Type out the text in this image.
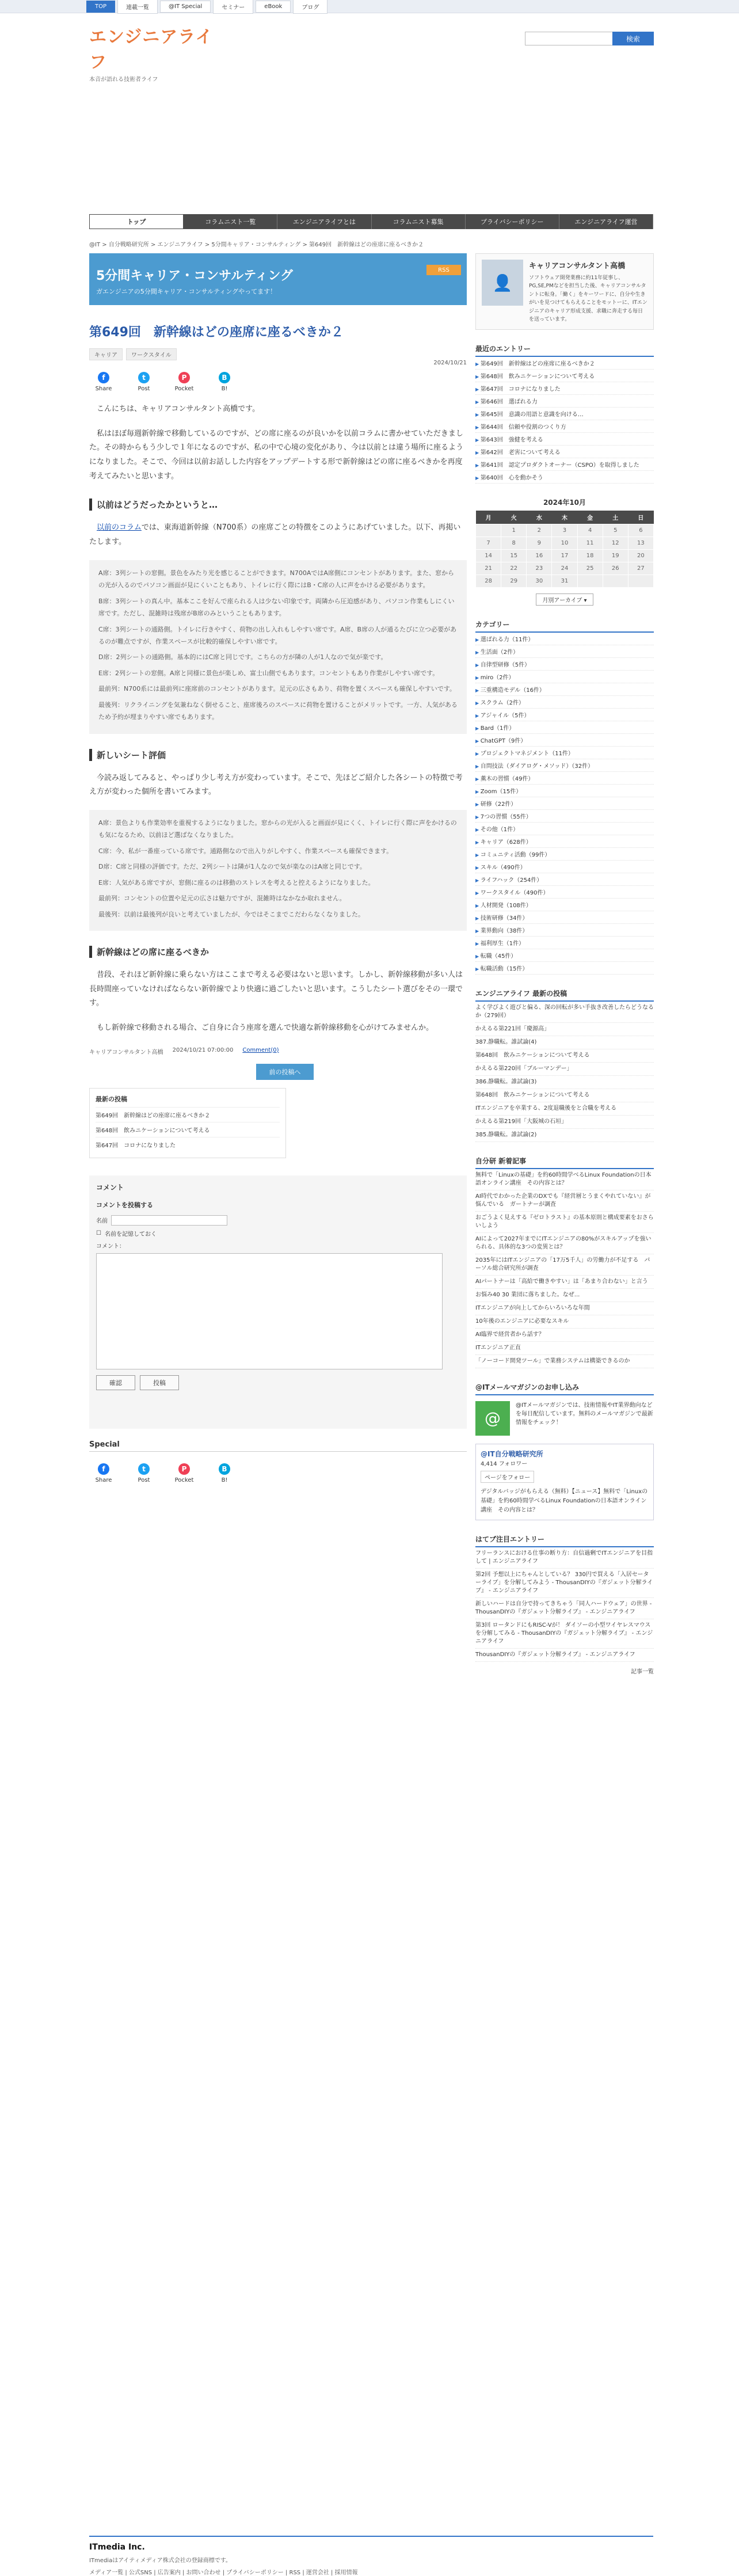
TOP	連載一覧	@IT Special	セミナー	eBook	ブログ
エンジニアライフ
本音が語れる技術者ライフ
検索
トップ	コラムニスト一覧	エンジニアライフとは	コラムニスト募集	プライバシーポリシー	エンジニアライフ運営
@IT > 自分戦略研究所 > エンジニアライフ > 5分間キャリア・コンサルティング > 第649回　新幹線はどの座席に座るべきか２
5分間キャリア・コンサルティング
ガエンジニアの5分間キャリア・コンサルティングやってます！
RSS
第649回　新幹線はどの座席に座るべきか２
キャリア	ワークスタイル
f
Share
t
Post
P
Pocket
B
B!
2024/10/21

こんにちは、キャリアコンサルタント高橋です。

私はほぼ毎週新幹線で移動しているのですが、どの席に座るのが良いかを以前コラムに書かせていただきました。その時からもう少しで１年になるのですが、私の中で心境の変化があり、今は以前とは違う場所に座るようになりました。そこで、今回は以前お話しした内容をアップデートする形で新幹線はどの席に座るべきかを再度考えてみたいと思います。

以前はどうだったかというと…

以前のコラムでは、東海道新幹線（N700系）の座席ごとの特徴をこのようにあげていました。以下、再掲いたします。

A席：3列シートの窓側。景色をみたり光を感じることができます。N700AではA席側にコンセントがあります。また、窓からの光が入るのでパソコン画面が見にくいこともあり、トイレに行く際にはB・C席の人に声をかける必要があります。

B席：3列シートの真ん中。基本ここを好んで座られる人は少ない印象です。両隣から圧迫感があり、パソコン作業もしにくい席です。ただし、混雑時は残席がB席のみということもあります。

C席：3列シートの通路側。トイレに行きやすく、荷物の出し入れもしやすい席です。A席、B席の人が通るたびに立つ必要があるのが難点ですが、作業スペースが比較的確保しやすい席です。

D席：2列シートの通路側。基本的にはC席と同じです。こちらの方が隣の人が1人なので気が楽です。

E席：2列シートの窓側。A席と同様に景色が楽しめ、富士山側でもあります。コンセントもあり作業がしやすい席です。

最前列：N700系には最前列に座席前のコンセントがあります。足元の広さもあり、荷物を置くスペースも確保しやすいです。

最後列：リクライニングを気兼ねなく倒せること、座席後ろのスペースに荷物を置けることがメリットです。一方、人気があるため予約が埋まりやすい席でもあります。

新しいシート評価

今読み返してみると、やっぱり少し考え方が変わっています。そこで、先ほどご紹介した各シートの特徴で考え方が変わった個所を書いてみます。

A席：景色よりも作業効率を重視するようになりました。窓からの光が入ると画面が見にくく、トイレに行く際に声をかけるのも気になるため、以前ほど選ばなくなりました。

C席：今、私が一番座っている席です。通路側なので出入りがしやすく、作業スペースも確保できます。

D席：C席と同様の評価です。ただ、2列シートは隣が1人なので気が楽なのはA席と同じです。

E席：人気がある席ですが、窓側に座るのは移動のストレスを考えると控えるようになりました。

最前列：コンセントの位置や足元の広さは魅力ですが、混雑時はなかなか取れません。

最後列：以前は最後列が良いと考えていましたが、今ではそこまでこだわらなくなりました。

新幹線はどの席に座るべきか

昔段、それほど新幹線に乗らない方はここまで考える必要はないと思います。しかし、新幹線移動が多い人は長時間座っていなければならない新幹線でより快適に過ごしたいと思います。こうしたシート選びをその一環です。

もし新幹線で移動される場合、ご自身に合う座席を選んで快適な新幹線移動を心がけてみませんか。

キャリアコンサルタント高橋 2024/10/21 07:00:00 Comment(0)
前の投稿へ
最新の投稿
第649回　新幹線はどの座席に座るべきか２
第648回　飲みニケーションについて考える
第647回　コロナになりました
コメント
コメントを投稿する
名前
☐ 名前を記憶しておく
コメント：
確認	投稿
Special
f
Share
t
Post
P
Pocket
B
B!
👤
キャリアコンサルタント高橋
ソフトウェア開発業務に約11年従事し、PG,SE,PMなどを担当した後、キャリアコンサルタントに転身。「働く」をキーワードに、自分や生きがいを見つけてもらえることをモットーに、ITエンジニアのキャリア形成支援、求職に奔走する毎日を送っています。
最近のエントリー
▶ 第649回　新幹線はどの座席に座るべきか２
▶ 第648回　飲みニケーションについて考える
▶ 第647回　コロナになりました
▶ 第646回　選ばれる力
▶ 第645回　意識の用語と意識を向ける…
▶ 第644回　信頼や役割のつくり方
▶ 第643回　強健を考える
▶ 第642回　老害について考える
▶ 第641回　認定プロダクトオーナー（CSPO）を取得しました
▶ 第640回　心を動かそう
2024年10月
月	火	水	木	金	土	日
	1	2	3	4	5	6
7	8	9	10	11	12	13
14	15	16	17	18	19	20
21	22	23	24	25	26	27
28	29	30	31			
月別アーカイブ ▾
カテゴリー
▶ 選ばれる力（11件）
▶ 生活面（2件）
▶ 自律型研修（5件）
▶ miro（2件）
▶ 三重構造モデル（16件）
▶ スクラム（2件）
▶ アジャイル（5件）
▶ Bard（1件）
▶ ChatGPT（9件）
▶ プロジェクトマネジメント（11件）
▶ 自問技法（ダイアログ・メソッド）（32件）
▶ 薫木の習慣（49件）
▶ Zoom（15件）
▶ 研修（22件）
▶ 7つの習慣（55件）
▶ その他（1件）
▶ キャリア（628件）
▶ コミュニティ活動（99件）
▶ スキル（490件）
▶ ライフハック（254件）
▶ ワークスタイル（490件）
▶ 人材開発（108件）
▶ 技術研修（34件）
▶ 業界動向（38件）
▶ 福利厚生（1件）
▶ 転職（45件）
▶ 転職活動（15件）
エンジニアライフ 最新の投稿
よく学びよく遊びと偏る、深の回転が多い手抜き改善したらどうなるか（279回）
かえるる第221回「慶源高」
387.静職転。誰試論(4)
第648回　飲みニケーションについて考える
かえるる第220回「ブルーマンデー」
386.静職転。誰試論(3)
第648回　飲みニケーションについて考える
ITエンジニアを卒業する、2度退職後をと合職を考える
かえるる第219回「大阪城の石垣」
385.静職転。誰試論(2)
自分研 新着記事
無料で「Linuxの基礎」を約60時間学べるLinux Foundationの日本語オンライン講座　その内容とは？
AI時代でわかった企業のDXでも『経営層とうまくやれていない』が悩んでいる　ガートナーが調査
おごうよく見えする『ゼロトラスト』の基本原則と構成要素をおさらいしよう
AIによって2027年までにITエンジニアの80%がスキルアップを強いられる、具体的な3つの変異とは？
2035年にはITエンジニアの「17万5千人」の労働力が不足する　パーソル総合研究所が調査
AIパートナーは「高給で働きやすい」は「あまり合わない」と言う
お悩み40 30 業団に落ちました。なぜ...
ITエンジニアが向上してからいろいろな年間
10年後のエンジニアに必要なスキル
AI臨界で経営者から話す？
ITエンジニア正直
「ノーコード開発ツール」で業務システムは構築できるのか
@ITメールマガジンのお申し込み
@
@ITメールマガジンでは、技術情報やIT業界動向などを毎日配信しています。無料のメールマガジンで最新情報をチェック！
@IT自分戦略研究所
4,414 フォロワー
ページをフォロー
デジタルバッジがもらえる（無料）【ニュース】無料で「Linuxの基礎」を約60時間学べるLinux Foundationの日本語オンライン講座　その内容とは？
はてブ注目エントリー
フリーランスにおける仕事の断り方：自信過剰でITエンジニアを目指して | エンジニアライフ
第2回 予想以上にちゃんとしている？ 330円で買える「入居セーターライブ」を分解してみよう - ThousanDIYの『ガジェット分解ライブ』 - エンジニアライフ
新しいハードは自分で持ってきちゃう「同人ハードウェア」の世界 - ThousanDIYの『ガジェット分解ライブ』 - エンジニアライフ
第3回 ロータンドにもRISC-Vが！ ダイソーの小型ワイヤレスマウスを分解してみる - ThousanDIYの『ガジェット分解ライブ』 - エンジニアライフ
ThousanDIYの『ガジェット分解ライブ』 - エンジニアライフ
記事一覧
ITmedia Inc.
ITmediaはアイティメディア株式会社の登録商標です。
メディア一覧 | 公式SNS | 広告案内 | お問い合わせ | プライバシーポリシー | RSS | 運営会社 | 採用情報
